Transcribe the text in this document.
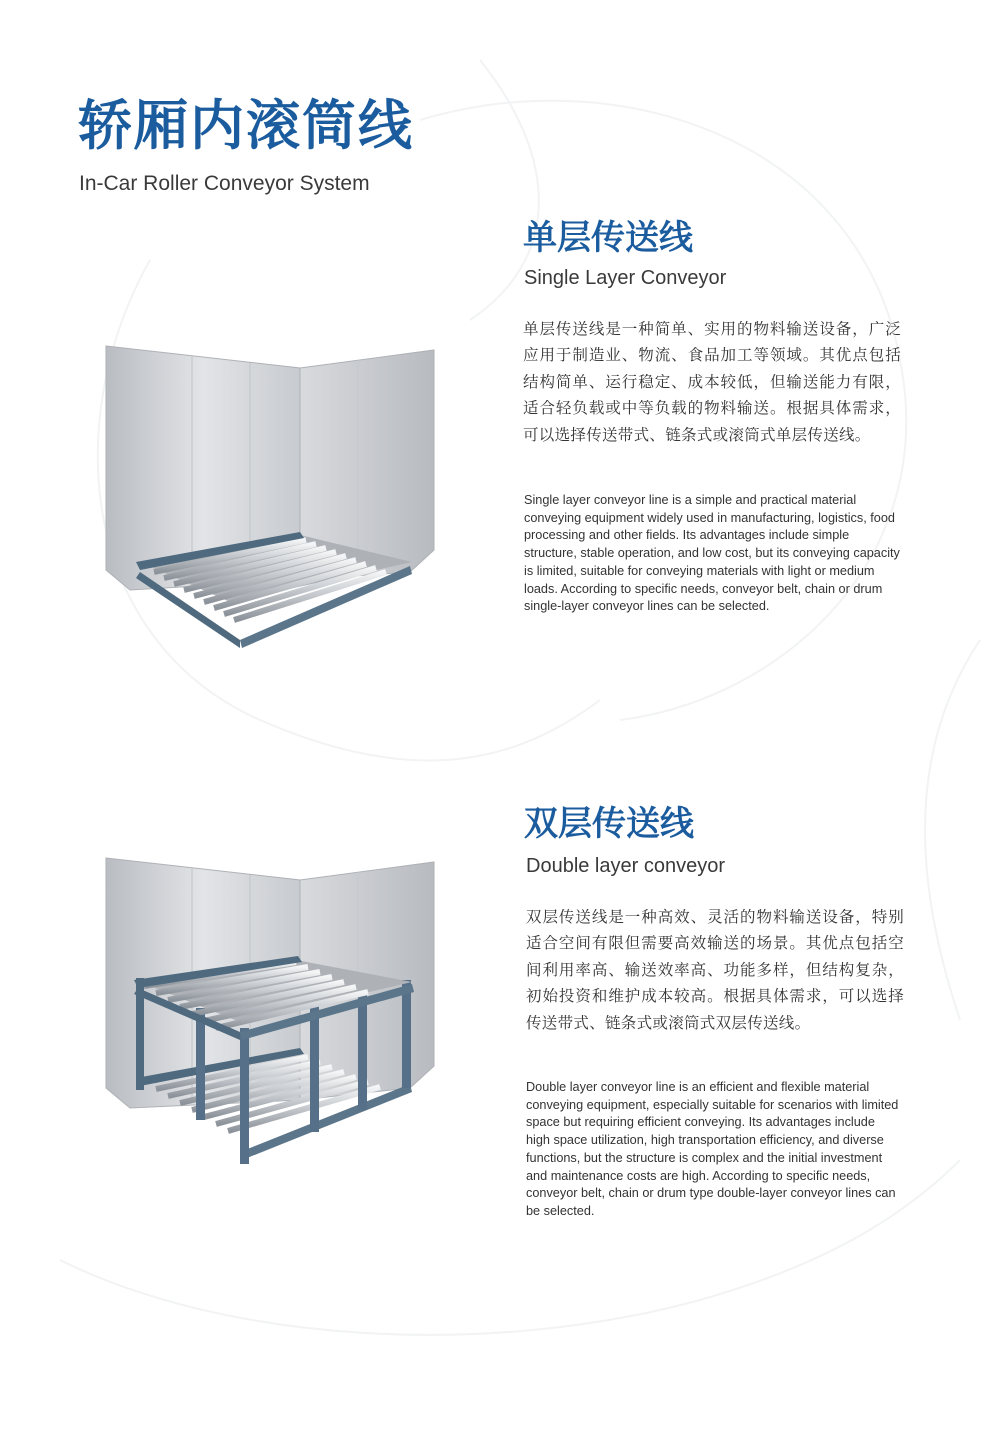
轿厢内滚筒线
In-Car Roller Conveyor System
单层传送线
Single Layer Conveyor
单层传送线是一种简单、实用的物料输送设备，广泛应用于制造业、物流、食品加工等领域。其优点包括结构简单、运行稳定、成本较低，但输送能力有限，适合轻负载或中等负载的物料输送。根据具体需求，可以选择传送带式、链条式或滚筒式单层传送线。
Single layer conveyor line is a simple and practical material conveying equipment widely used in manufacturing, logistics, food processing and other fields. Its advantages include simple structure, stable operation, and low cost, but its conveying capacity is limited, suitable for conveying materials with light or medium loads. According to specific needs, conveyor belt, chain or drum single-layer conveyor lines can be selected.
双层传送线
Double layer conveyor
双层传送线是一种高效、灵活的物料输送设备，特别适合空间有限但需要高效输送的场景。其优点包括空间利用率高、输送效率高、功能多样，但结构复杂，初始投资和维护成本较高。根据具体需求，可以选择传送带式、链条式或滚筒式双层传送线。
Double layer conveyor line is an efficient and flexible material conveying equipment, especially suitable for scenarios with limited space but requiring efficient conveying. Its advantages include high space utilization, high transportation efficiency, and diverse functions, but the structure is complex and the initial investment and maintenance costs are high. According to specific needs, conveyor belt, chain or drum type double-layer conveyor lines can be selected.
